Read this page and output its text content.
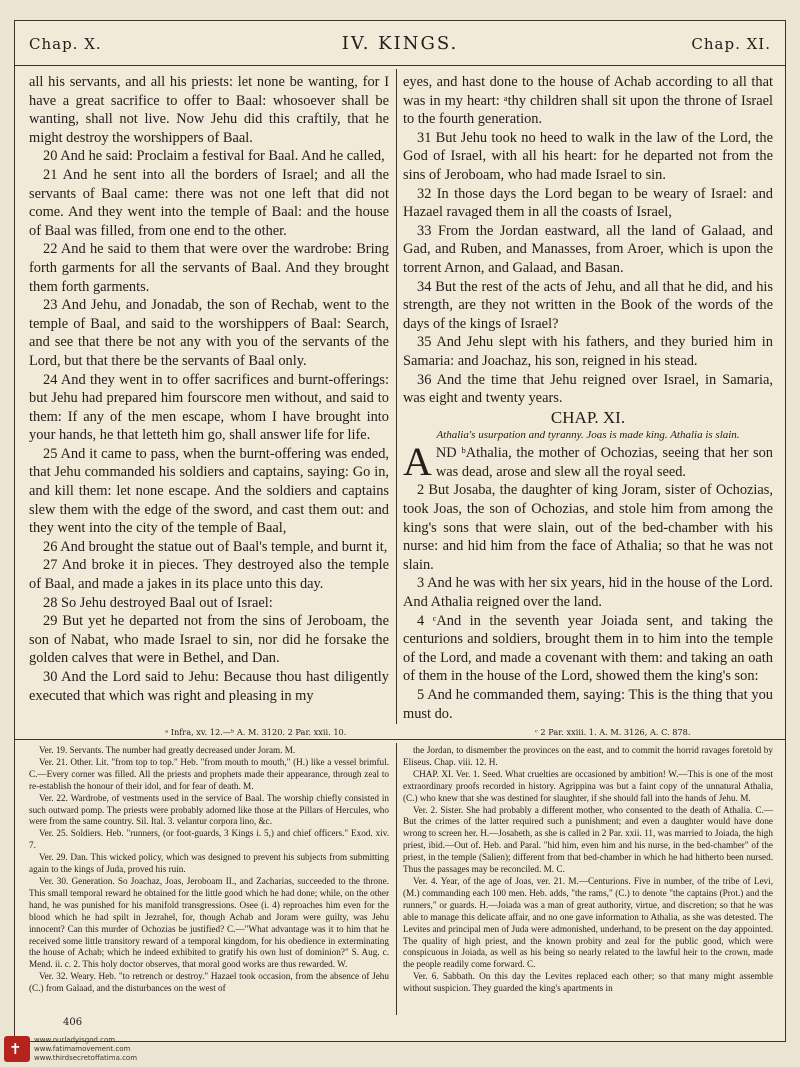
Chap. X.	IV. KINGS.	Chap. XI.

all his servants, and all his priests: let none be wanting, for I have a great sacrifice to offer to Baal: whosoever shall be wanting, shall not live. Now Jehu did this craftily, that he might destroy the worshippers of Baal.

20 And he said: Proclaim a festival for Baal. And he called,

21 And he sent into all the borders of Israel; and all the servants of Baal came: there was not one left that did not come. And they went into the temple of Baal: and the house of Baal was filled, from one end to the other.

22 And he said to them that were over the wardrobe: Bring forth garments for all the servants of Baal. And they brought them forth garments.

23 And Jehu, and Jonadab, the son of Rechab, went to the temple of Baal, and said to the worshippers of Baal: Search, and see that there be not any with you of the servants of the Lord, but that there be the servants of Baal only.

24 And they went in to offer sacrifices and burnt-offerings: but Jehu had prepared him fourscore men without, and said to them: If any of the men escape, whom I have brought into your hands, he that letteth him go, shall answer life for life.

25 And it came to pass, when the burnt-offering was ended, that Jehu commanded his soldiers and captains, saying: Go in, and kill them: let none escape. And the soldiers and captains slew them with the edge of the sword, and cast them out: and they went into the city of the temple of Baal,

26 And brought the statue out of Baal's temple, and burnt it,

27 And broke it in pieces. They destroyed also the temple of Baal, and made a jakes in its place unto this day.

28 So Jehu destroyed Baal out of Israel:

29 But yet he departed not from the sins of Jeroboam, the son of Nabat, who made Israel to sin, nor did he forsake the golden calves that were in Bethel, and Dan.

30 And the Lord said to Jehu: Because thou hast diligently executed that which was right and pleasing in my

eyes, and hast done to the house of Achab according to all that was in my heart: ᵃthy children shall sit upon the throne of Israel to the fourth generation.

31 But Jehu took no heed to walk in the law of the Lord, the God of Israel, with all his heart: for he departed not from the sins of Jeroboam, who had made Israel to sin.

32 In those days the Lord began to be weary of Israel: and Hazael ravaged them in all the coasts of Israel,

33 From the Jordan eastward, all the land of Galaad, and Gad, and Ruben, and Manasses, from Aroer, which is upon the torrent Arnon, and Galaad, and Basan.

34 But the rest of the acts of Jehu, and all that he did, and his strength, are they not written in the Book of the words of the days of the kings of Israel?

35 And Jehu slept with his fathers, and they buried him in Samaria: and Joachaz, his son, reigned in his stead.

36 And the time that Jehu reigned over Israel, in Samaria, was eight and twenty years.

CHAP. XI.
Athalia's usurpation and tyranny. Joas is made king. Athalia is slain.

AND ᵇAthalia, the mother of Ochozias, seeing that her son was dead, arose and slew all the royal seed.

2 But Josaba, the daughter of king Joram, sister of Ochozias, took Joas, the son of Ochozias, and stole him from among the king's sons that were slain, out of the bed-chamber with his nurse: and hid him from the face of Athalia; so that he was not slain.

3 And he was with her six years, hid in the house of the Lord. And Athalia reigned over the land.

4 ᶜAnd in the seventh year Joiada sent, and taking the centurions and soldiers, brought them in to him into the temple of the Lord, and made a covenant with them: and taking an oath of them in the house of the Lord, showed them the king's son:

5 And he commanded them, saying: This is the thing that you must do.

ᵃ Infra, xv. 12.—ᵇ A. M. 3120. 2 Par. xxii. 10.	ᶜ 2 Par. xxiii. 1. A. M. 3126, A. C. 878.

Ver. 19. Servants. The number had greatly decreased under Joram. M.

Ver. 21. Other. Lit. "from top to top." Heb. "from mouth to mouth," (H.) like a vessel brimful. C.—Every corner was filled. All the priests and prophets made their appearance, through zeal to re-establish the honour of their idol, and for fear of death. M.

Ver. 22. Wardrobe, of vestments used in the service of Baal. The worship chiefly consisted in such outward pomp. The priests were probably adorned like those at the Pillars of Hercules, who were from the same country. Sil. Ital. 3. velantur corpora lino, &c.

Ver. 25. Soldiers. Heb. "runners, (or foot-guards, 3 Kings i. 5,) and chief officers." Exod. xiv. 7.

Ver. 29. Dan. This wicked policy, which was designed to prevent his subjects from submitting again to the kings of Juda, proved his ruin.

Ver. 30. Generation. So Joachaz, Joas, Jeroboam II., and Zacharias, succeeded to the throne. This small temporal reward he obtained for the little good which he had done; while, on the other hand, he was punished for his manifold transgressions. Osee (i. 4) reproaches him even for the blood which he had spilt in Jezrahel, for, though Achab and Joram were guilty, was Jehu innocent? Can this murder of Ochozias be justified? C.—"What advantage was it to him that he received some little transitory reward of a temporal kingdom, for his obedience in exterminating the house of Achab; which he indeed exhibited to gratify his own lust of dominion?" S. Aug. c. Mend. ii. c. 2. This holy doctor observes, that moral good works are thus rewarded. W.

Ver. 32. Weary. Heb. "to retrench or destroy." Hazael took occasion, from the absence of Jehu (C.) from Galaad, and the disturbances on the west of

the Jordan, to dismember the provinces on the east, and to commit the horrid ravages foretold by Eliseus. Chap. viii. 12. H.

CHAP. XI. Ver. 1. Seed. What cruelties are occasioned by ambition! W.—This is one of the most extraordinary proofs recorded in history. Agrippina was but a faint copy of the unnatural Athalia, (C.) who knew that she was destined for slaughter, if she should fall into the hands of Jehu. M.

Ver. 2. Sister. She had probably a different mother, who consented to the death of Athalia. C.—But the crimes of the latter required such a punishment; and even a daughter would have done wrong to screen her. H.—Josabeth, as she is called in 2 Par. xxii. 11, was married to Joiada, the high priest, ibid.—Out of. Heb. and Paral. "hid him, even him and his nurse, in the bed-chamber" of the priest, in the temple (Salien); different from that bed-chamber in which he had hitherto been nursed. Thus the passages may be reconciled. M. C.

Ver. 4. Year, of the age of Joas, ver. 21. M.—Centurions. Five in number, of the tribe of Levi, (M.) commanding each 100 men. Heb. adds, "the rams," (C.) to denote "the captains (Prot.) and the runners," or guards. H.—Joiada was a man of great authority, virtue, and discretion; so that he was able to manage this delicate affair, and no one gave information to Athalia, as she was detested. The Levites and principal men of Juda were admonished, underhand, to be present on the day appointed. The quality of high priest, and the known probity and zeal for the public good, which were conspicuous in Joiada, as well as his being so nearly related to the lawful heir to the crown, made the people readily come forward. C.

Ver. 6. Sabbath. On this day the Levites replaced each other; so that many might assemble without suspicion. They guarded the king's apartments in

406
✝ www.ourladyisgod.com
www.fatimamovement.com
www.thirdsecretoffatima.com
